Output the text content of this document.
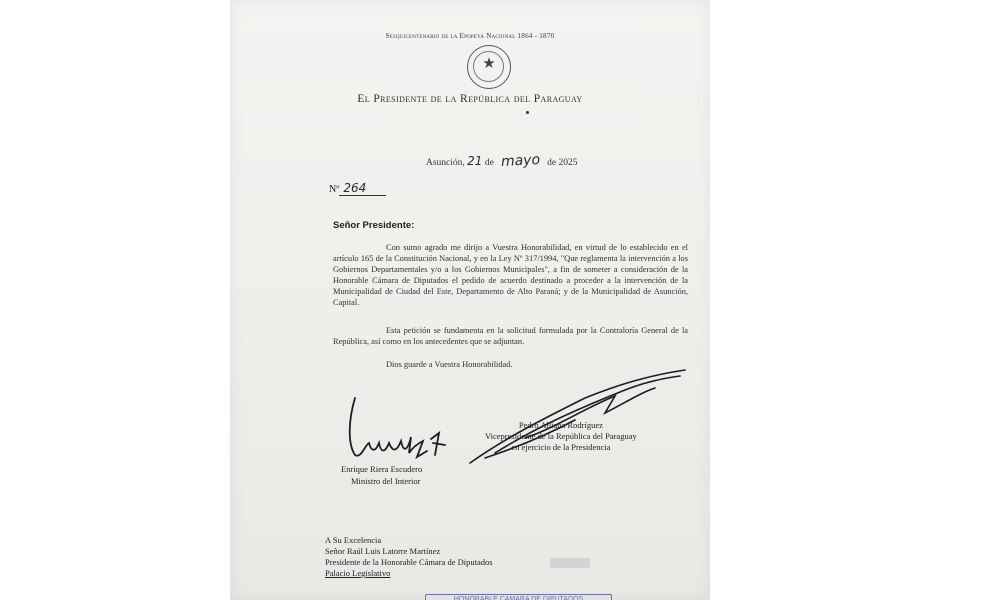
Sesquicentenario de la Epopeya Nacional 1864 - 1870
★
El Presidente de la República del Paraguay
Asunción, 21 de mayo de 2025
Nº 264
Señor Presidente:
Con sumo agrado me dirijo a Vuestra Honorabilidad, en virtud de lo establecido en el artículo 165 de la Constitución Nacional, y en la Ley Nº 317/1994, "Que reglamenta la intervención a los Gobiernos Departamentales y/o a los Gobiernos Municipales", a fin de someter a consideración de la Honorable Cámara de Diputados el pedido de acuerdo destinado a proceder a la intervención de la Municipalidad de Ciudad del Este, Departamento de Alto Paraná; y de la Municipalidad de Asunción, Capital.
Esta petición se fundamenta en la solicitud formulada por la Contraloría General de la República, así como en los antecedentes que se adjuntan.
Dios guarde a Vuestra Honorabilidad.
Enrique Riera Escudero
Ministro del Interior
Pedro Alliana Rodríguez
Vicepresidente de la República del Paraguay
en ejercicio de la Presidencia
A Su Excelencia
Señor Raúl Luis Latorre Martínez
Presidente de la Honorable Cámara de Diputados
Palacio Legislativo
HONORABLE CAMARA DE DIPUTADOS
